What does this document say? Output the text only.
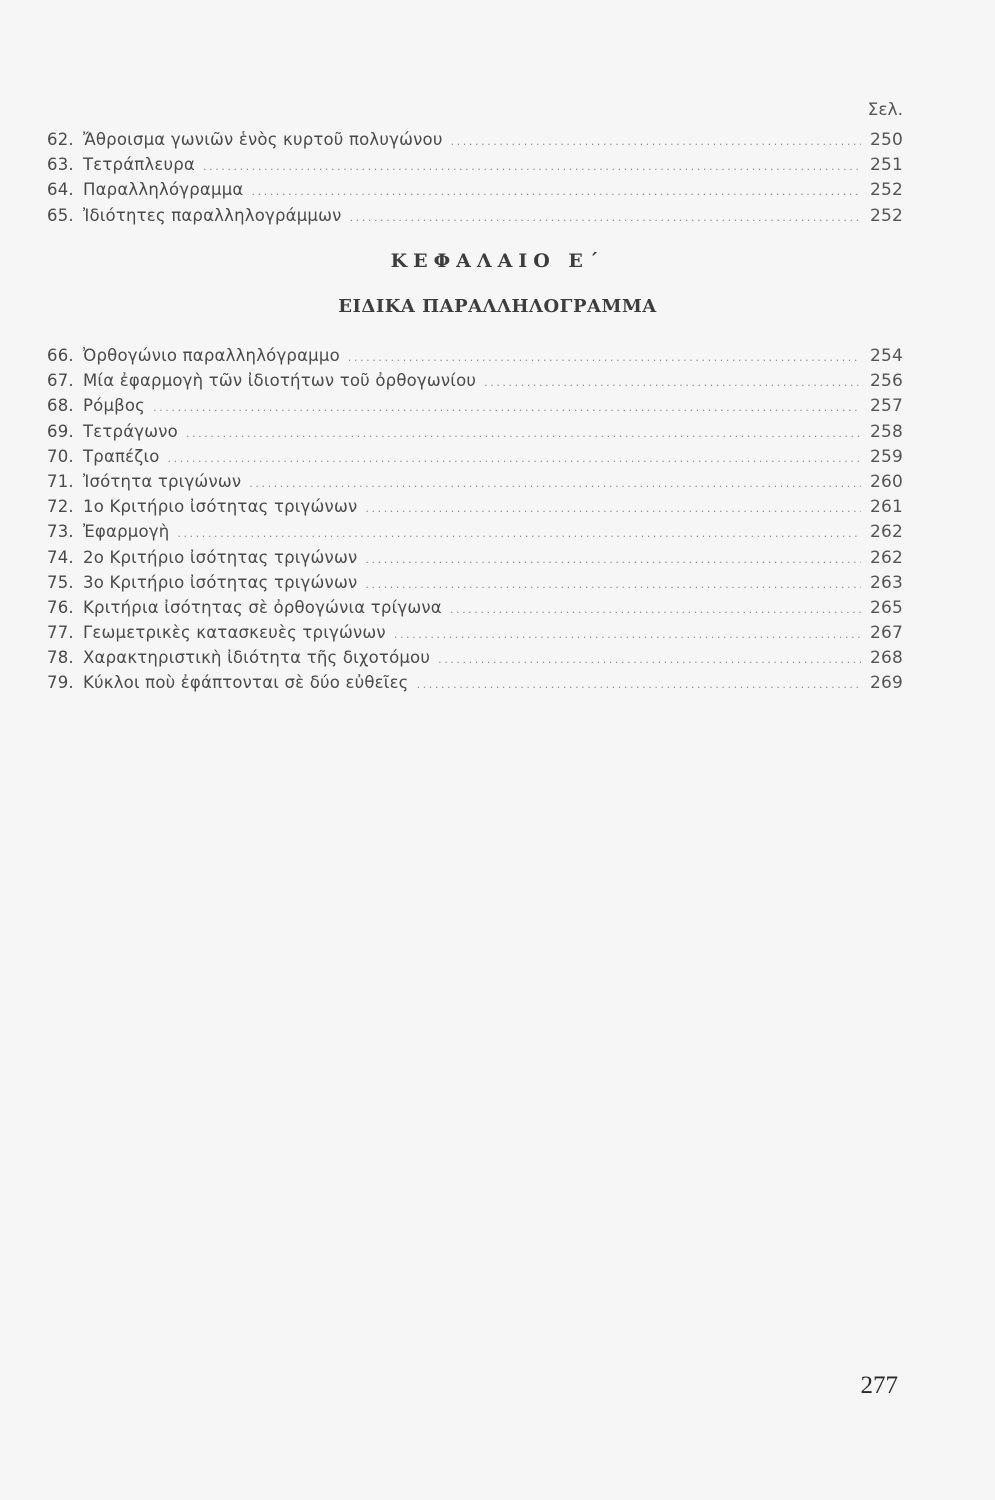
Σελ.
62. Ἄθροισμα γωνιῶν ἑνὸς κυρτοῦ πολυγώνου .....	250
63. Τετράπλευρα .....	251
64. Παραλληλόγραμμα .....	252
65. Ἰδιότητες παραλληλογράμμων .....	252
ΚΕΦΑΛΑΙΟ Ε΄
ΕΙΔΙΚΑ ΠΑΡΑΛΛΗΛΟΓΡΑΜΜΑ
66. Ὀρθογώνιο παραλληλόγραμμο .....	254
67. Μία ἐφαρμογὴ τῶν ἰδιοτήτων τοῦ ὀρθογωνίου .....	256
68. Ρόμβος .....	257
69. Τετράγωνο .....	258
70. Τραπέζιο .....	259
71. Ἰσότητα τριγώνων .....	260
72. 1ο Κριτήριο ἰσότητας τριγώνων .....	261
73. Ἐφαρμογὴ .....	262
74. 2ο Κριτήριο ἰσότητας τριγώνων .....	262
75. 3ο Κριτήριο ἰσότητας τριγώνων .....	263
76. Κριτήρια ἰσότητας σὲ ὀρθογώνια τρίγωνα .....	265
77. Γεωμετρικὲς κατασκευὲς τριγώνων .....	267
78. Χαρακτηριστικὴ ἰδιότητα τῆς διχοτόμου .....	268
79. Κύκλοι ποὺ ἐφάπτονται σὲ δύο εὐθεῖες .....	269
277
